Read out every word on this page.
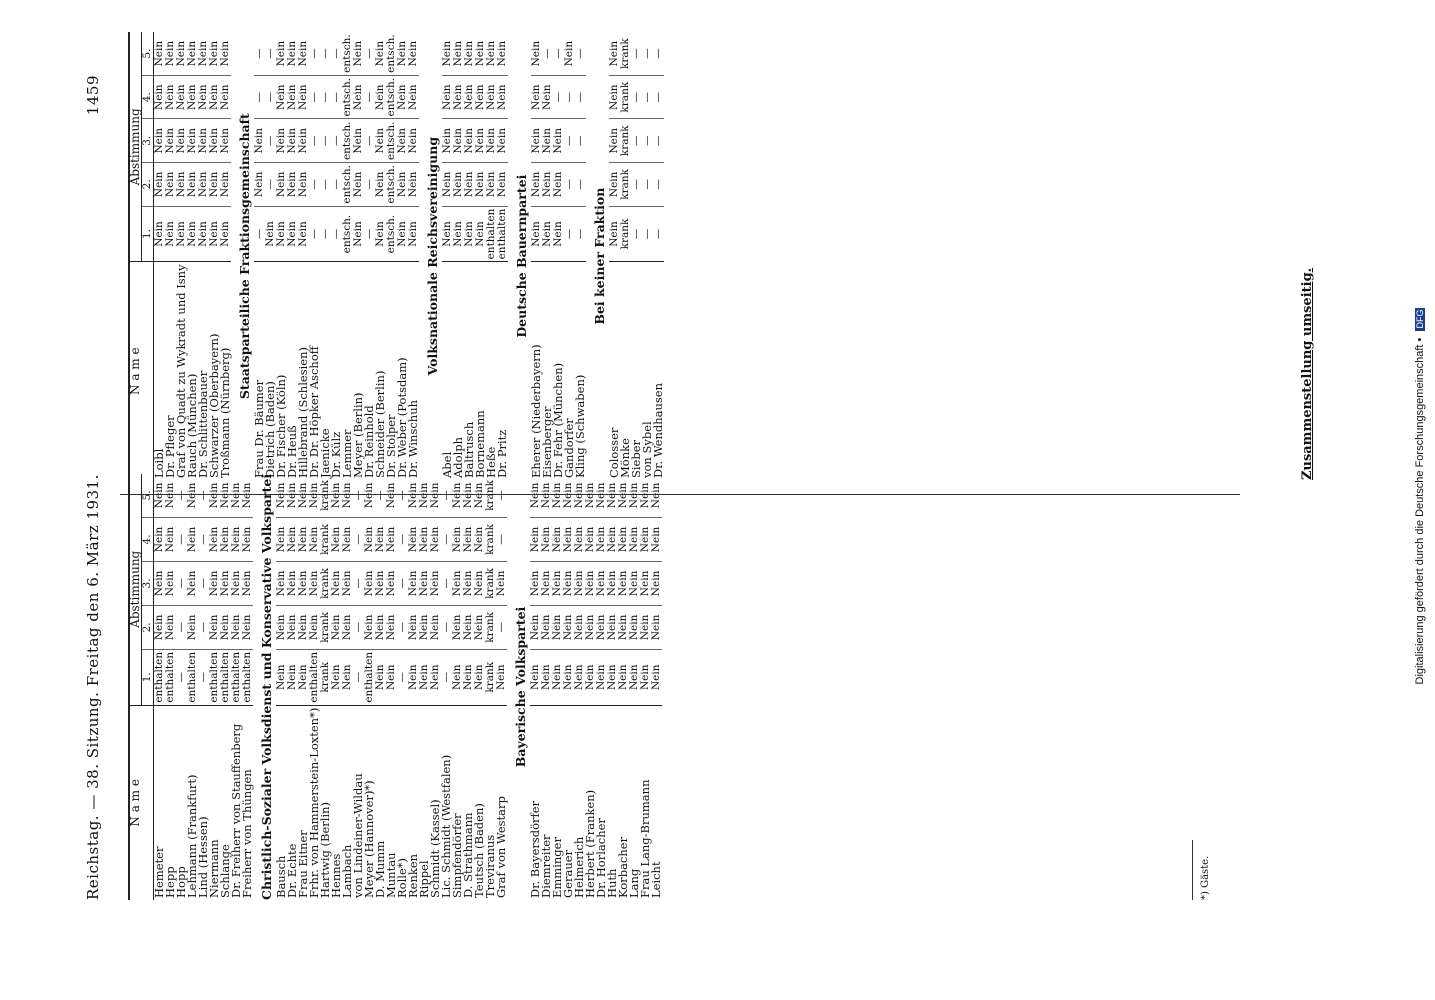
Reichstag. — 38. Sitzung. Freitag den 6. März 1931.
1459
N a m e	Abstimmung				
	1.	2.	3.	4.	5.
Hemeter	enthalten	Nein	Nein	Nein	Nein
Hepp	enthalten	Nein	Nein	Nein	Nein
Hopp	—	—	—	—	—
Lehmann (Frankfurt)	enthalten	Nein	Nein	Nein	Nein
Lind (Hessen)	—	—	—	—	—
Niermann	enthalten	Nein	Nein	Nein	Nein
Schlange	enthalten	Nein	Nein	Nein	Nein
Dr. Freiherr von Stauffenberg	enthalten	Nein	Nein	Nein	Nein
Freiherr von Thüngen	enthalten	Nein	Nein	Nein	Nein
Christlich-Sozialer Volksdienst und Konservative Volkspartei					
Bausch	Nein	Nein	Nein	Nein	Nein
Dr. Echte	Nein	Nein	Nein	Nein	Nein
Frau Eitner	Nein	Nein	Nein	Nein	Nein
Frhr. von Hammerstein-Loxten*)	enthalten	Nein	Nein	Nein	Nein
Hartwig (Berlin)	krank	krank	krank	krank	krank
Hennes	Nein	Nein	Nein	Nein	Nein
Lambach	Nein	Nein	Nein	Nein	Nein
von Lindeiner-Wildau	—	—	—	—	—
Meyer (Hannover)*)	enthalten	Nein	Nein	Nein	Nein
D. Mumm	Nein	Nein	Nein	Nein	—
Muntau	Nein	Nein	Nein	Nein	Nein
Rolle*)	—	—	—	—	—
Renken	Nein	Nein	Nein	Nein	Nein
Rippel	Nein	Nein	Nein	Nein	Nein
Schmidt (Kassel)	Nein	Nein	Nein	Nein	Nein
Lic. Schmidt (Westfalen)	—	—	—	—	—
Simpfendörfer	Nein	Nein	Nein	Nein	Nein
D. Strathmann	Nein	Nein	Nein	Nein	Nein
Teutsch (Baden)	Nein	Nein	Nein	Nein	Nein
Treviranus	krank	krank	krank	krank	krank
Graf von Westarp	Nein	—	Nein	—	—
Bayerische Volkspartei					
Dr. Bayersdörfer	Nein	Nein	Nein	Nein	Nein
Diemreiter	Nein	Nein	Nein	Nein	Nein
Emminger	Nein	Nein	Nein	Nein	Nein
Gerauer	Nein	Nein	Nein	Nein	Nein
Helmerich	Nein	Nein	Nein	Nein	Nein
Herbert (Franken)	Nein	Nein	Nein	Nein	Nein
Dr. Horlacher	Nein	Nein	Nein	Nein	Nein
Huth	Nein	Nein	Nein	Nein	Nein
Korbacher	Nein	Nein	Nein	Nein	Nein
Lang	Nein	Nein	Nein	Nein	Nein
Frau Lang-Brumann	Nein	Nein	Nein	Nein	Nein
Leicht	Nein	Nein	Nein	Nein	Nein
N a m e	Abstimmung				
	1.	2.	3.	4.	5.
Loibl	Nein	Nein	Nein	Nein	Nein
Dr. Pfleger	Nein	Nein	Nein	Nein	Nein
Graf von Quadt zu Wykradt und Isny	Nein	Nein	Nein	Nein	Nein
Rauch (München)	Nein	Nein	Nein	Nein	Nein
Dr. Schlittenbauer	Nein	Nein	Nein	Nein	Nein
Schwarzer (Oberbayern)	Nein	Nein	Nein	Nein	Nein
Troßmann (Nürnberg)	Nein	Nein	Nein	Nein	Nein
Staatsparteiliche Fraktionsgemeinschaft					
Frau Dr. Bäumer	—	Nein	Nein	—	—
Dietrich (Baden)	Nein	—	—	—	—
Dr. Fischer (Köln)	Nein	Nein	Nein	Nein	Nein
Dr. Heuß	Nein	Nein	Nein	Nein	Nein
Hillebrand (Schlesien)	Nein	Nein	Nein	Nein	Nein
Dr. Dr. Höpker Aschoff	—	—	—	—	—
Jaenicke	—	—	—	—	—
Dr. Külz	—	—	—	—	—
Lemmer	entsch.	entsch.	entsch.	entsch.	entsch.
Meyer (Berlin)	Nein	Nein	Nein	Nein	Nein
Dr. Reinhold	—	—	—	—	—
Schneider (Berlin)	Nein	Nein	Nein	Nein	Nein
Dr. Stolper	entsch.	entsch.	entsch.	entsch.	entsch.
Dr. Weber (Potsdam)	Nein	Nein	Nein	Nein	Nein
Dr. Winschuh	Nein	Nein	Nein	Nein	Nein
Volksnationale Reichsvereinigung					
Abel	Nein	Nein	Nein	Nein	Nein
Adolph	Nein	Nein	Nein	Nein	Nein
Baltrusch	Nein	Nein	Nein	Nein	Nein
Bornemann	Nein	Nein	Nein	Nein	Nein
Heße	enthalten	Nein	Nein	Nein	Nein
Dr. Pritz	enthalten	Nein	Nein	Nein	Nein
Deutsche Bauernpartei					
Eherer (Niederbayern)	Nein	Nein	Nein	Nein	Nein
Eisenberger	Nein	Nein	Nein	Nein	—
Dr. Fehr (München)	Nein	Nein	Nein	—	—
Gandorfer	—	—	—	—	Nein
Kling (Schwaben)	—	—	—	—	—
Bei keiner Fraktion					
Colosser	Nein	Nein	Nein	Nein	Nein
Mönke	krank	krank	krank	krank	krank
Sieber	—	—	—	—	—
von Sybel	—	—	—	—	—
Dr. Wendhausen	—	—	—	—	—
*) Gäste.
Zusammenstellung umseitig.	Digitalisierung gefördert durch die Deutsche Forschungsgemeinschaft • DFG
